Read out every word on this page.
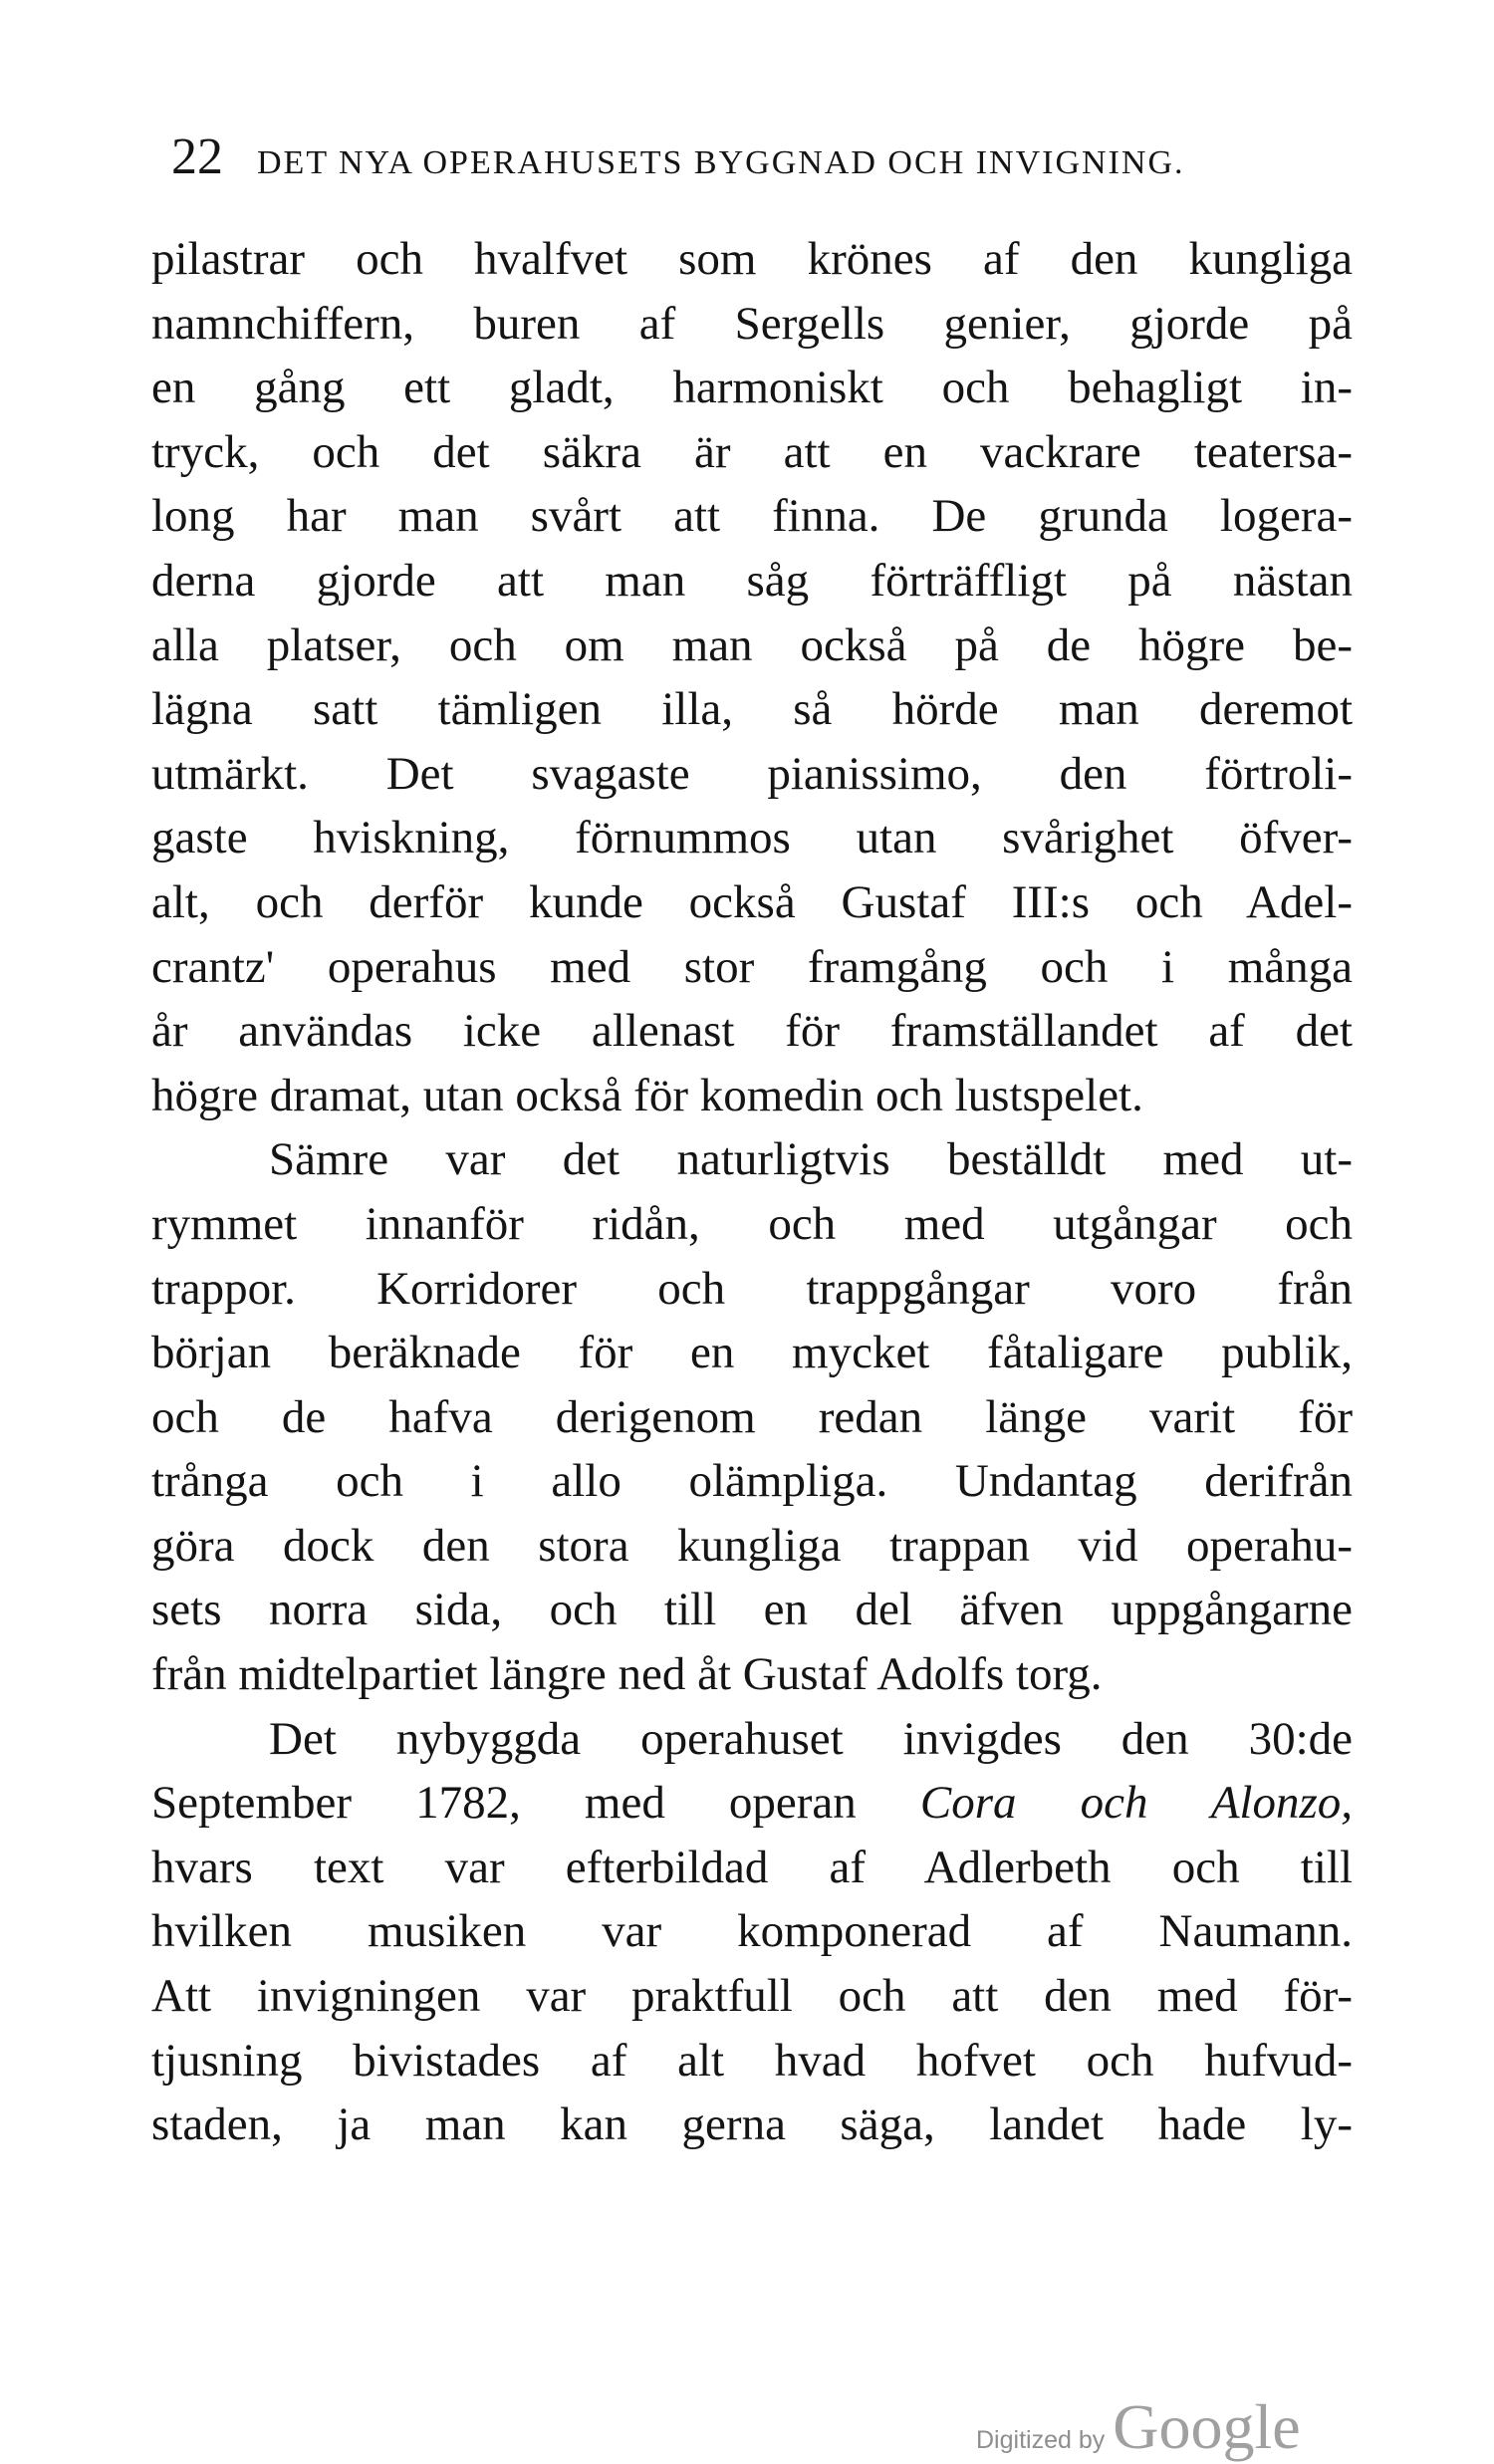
22 DET NYA OPERAHUSETS BYGGNAD OCH INVIGNING.
pilastrar och hvalfvet som krönes af den kungliga
namnchiffern, buren af Sergells genier, gjorde på
en gång ett gladt, harmoniskt och behagligt in-
tryck, och det säkra är att en vackrare teatersa-
long har man svårt att finna. De grunda logera-
derna gjorde att man såg förträffligt på nästan
alla platser, och om man också på de högre be-
lägna satt tämligen illa, så hörde man deremot
utmärkt. Det svagaste pianissimo, den förtroli-
gaste hviskning, förnummos utan svårighet öfver-
alt, och derför kunde också Gustaf III:s och Adel-
crantz' operahus med stor framgång och i många
år användas icke allenast för framställandet af det
högre dramat, utan också för komedin och lustspelet.
Sämre var det naturligtvis beställdt med ut-
rymmet innanför ridån, och med utgångar och
trappor. Korridorer och trappgångar voro från
början beräknade för en mycket fåtaligare publik,
och de hafva derigenom redan länge varit för
trånga och i allo olämpliga. Undantag derifrån
göra dock den stora kungliga trappan vid operahu-
sets norra sida, och till en del äfven uppgångarne
från midtelpartiet längre ned åt Gustaf Adolfs torg.
Det nybyggda operahuset invigdes den 30:de
September 1782, med operan Cora och Alonzo,
hvars text var efterbildad af Adlerbeth och till
hvilken musiken var komponerad af Naumann.
Att invigningen var praktfull och att den med för-
tjusning bivistades af alt hvad hofvet och hufvud-
staden, ja man kan gerna säga, landet hade ly-
Digitized by Google
